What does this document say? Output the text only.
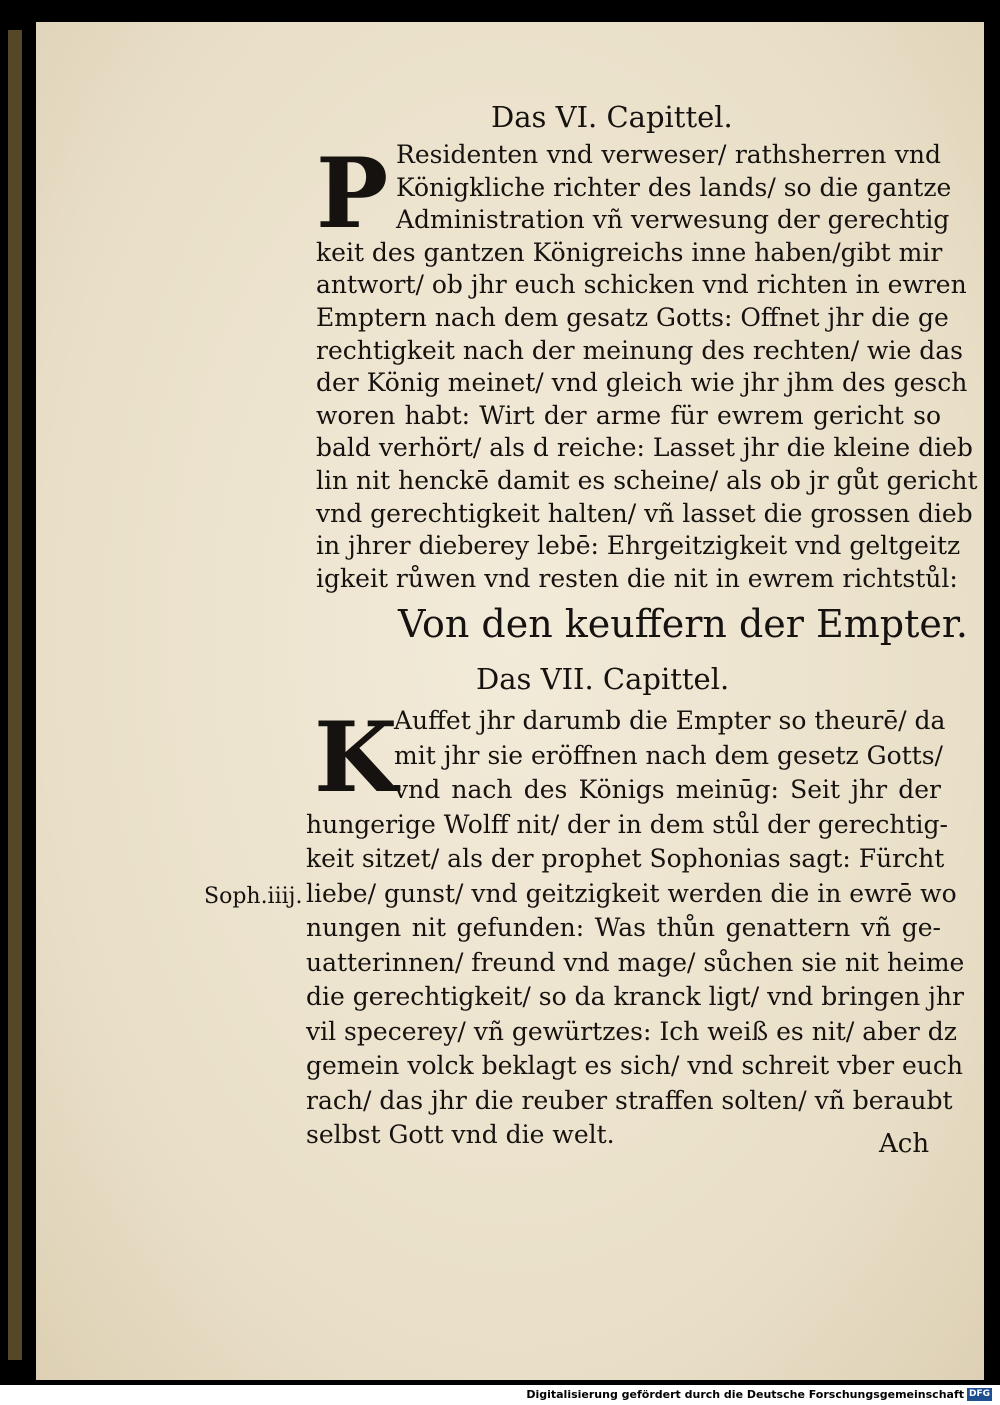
Das VI. Capittel.
P Residenten vnd verweser/ rathsherren vnd
Königkliche richter des lands/ so die gantze
Administration vñ verwesung der gerechtig
keit des gantzen Königreichs inne haben/gibt mir
antwort/ ob jhr euch schicken vnd richten in ewren
Emptern nach dem gesatz Gotts: Offnet jhr die ge
rechtigkeit nach der meinung des rechten/ wie das
der König meinet/ vnd gleich wie jhr jhm des gesch
woren habt: Wirt der arme für ewrem gericht so
bald verhört/ als d reiche: Lasset jhr die kleine dieb
lin nit henckē damit es scheine/ als ob jr gůt gericht
vnd gerechtigkeit halten/ vñ lasset die grossen dieb
in jhrer dieberey lebē: Ehrgeitzigkeit vnd geltgeitz
igkeit růwen vnd resten die nit in ewrem richtstůl:
Von den keuffern der Empter.
Das VII. Capittel.
K
Auffet jhr darumb die Empter so theurē/ da
mit jhr sie eröffnen nach dem gesetz Gotts/
vnd nach des Königs meinūg: Seit jhr der
hungerige Wolff nit/ der in dem stůl der gerechtig-
keit sitzet/ als der prophet Sophonias sagt: Fürcht
liebe/ gunst/ vnd geitzigkeit werden die in ewrē wo
nungen nit gefunden: Was thůn genattern vñ ge-
uatterinnen/ freund vnd mage/ sůchen sie nit heime
die gerechtigkeit/ so da kranck ligt/ vnd bringen jhr
vil specerey/ vñ gewürtzes: Ich weiß es nit/ aber dz
gemein volck beklagt es sich/ vnd schreit vber euch
rach/ das jhr die reuber straffen solten/ vñ beraubt
selbst Gott vnd die welt.
Soph.iiij.
Ach
Digitalisierung gefördert durch die Deutsche Forschungsgemeinschaft DFG
